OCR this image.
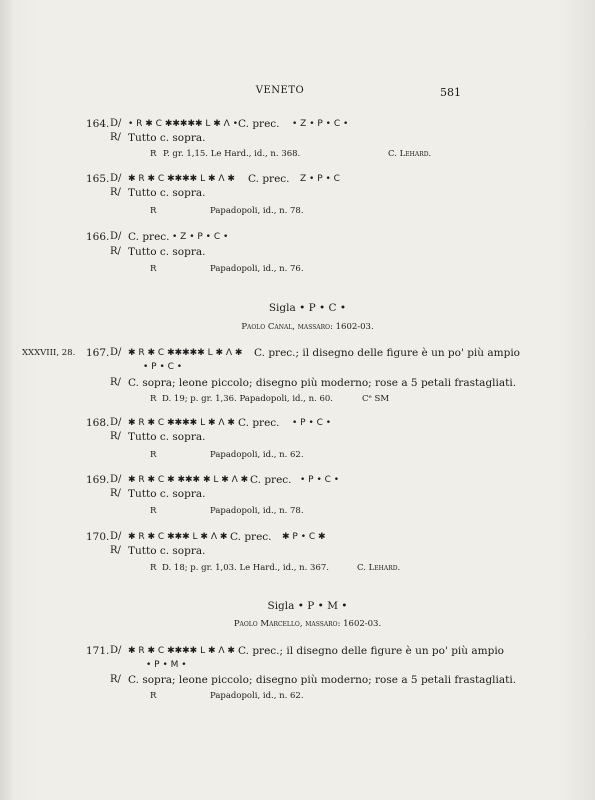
VENETO	581
164. D/ • R ✱ C ✱✱✱✱✱ L ✱ Λ • C. prec. • Z • P • C •
R/ Tutto c. sopra.
R P. gr. 1,15. Le Hard., id., n. 368.	C. Lehard.
165. D/ ✱ R ✱ C ✱✱✱✱ L ✱ Λ ✱ C. prec. Z • P • C
R/ Tutto c. sopra.
R	Papadopoli, id., n. 78.
166. D/ C. prec. • Z • P • C •
R/ Tutto c. sopra.
R	Papadopoli, id., n. 76.
Sigla • P • C •
Paolo Canal, massaro: 1602-03.
XXXVIII, 28. 167. D/ ✱ R ✱ C ✱✱✱✱✱ L ✱ Λ ✱ C. prec.; il disegno delle figure è un po' più ampio
• P • C •
R/ C. sopra; leone piccolo; disegno più moderno; rose a 5 petali frastagliati.
R D. 19; p. gr. 1,36. Papadopoli, id., n. 60.	Cᵉ SM
168. D/ ✱ R ✱ C ✱✱✱✱ L ✱ Λ ✱ C. prec. • P • C •
R/ Tutto c. sopra.
R	Papadopoli, id., n. 62.
169. D/ ✱ R ✱ C ✱ ✱✱✱ ✱ L ✱ Λ ✱ C. prec. • P • C •
R/ Tutto c. sopra.
R	Papadopoli, id., n. 78.
170. D/ ✱ R ✱ C ✱✱✱ L ✱ Λ ✱ C. prec. ✱ P • C ✱
R/ Tutto c. sopra.
R D. 18; p. gr. 1,03. Le Hard., id., n. 367.	C. Lehard.
Sigla • P • M •
Paolo Marcello, massaro: 1602-03.
171. D/ ✱ R ✱ C ✱✱✱✱ L ✱ Λ ✱ C. prec.; il disegno delle figure è un po' più ampio
• P • M •
R/ C. sopra; leone piccolo; disegno più moderno; rose a 5 petali frastagliati.
R	Papadopoli, id., n. 62.
